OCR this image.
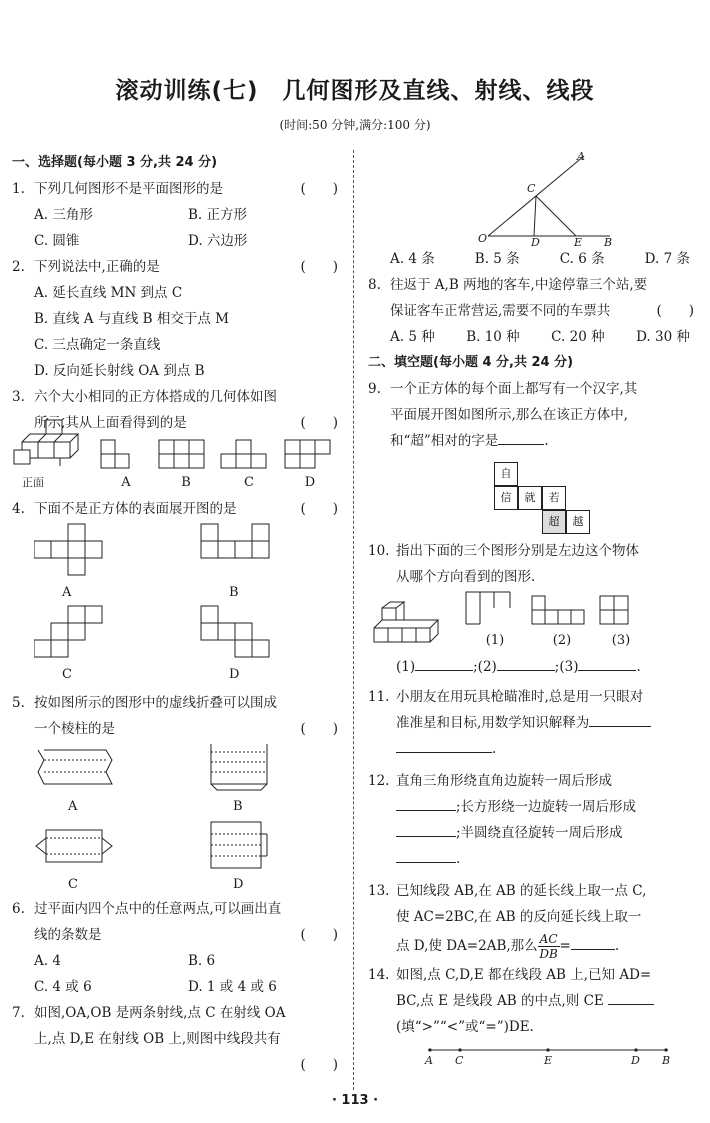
滚动训练(七)　几何图形及直线、射线、线段
(时间:50 分钟,满分:100 分)
一、选择题(每小题 3 分,共 24 分)
1. 下列几何图形不是平面图形的是	(　　)
A. 三角形	B. 正方形
C. 圆锥	D. 六边形
2. 下列说法中,正确的是	(　　)
A. 延长直线 MN 到点 C
B. 直线 A 与直线 B 相交于点 M
C. 三点确定一条直线
D. 反向延长射线 OA 到点 B
3. 六个大小相同的正方体搭成的几何体如图
所示,其从上面看得到的是	(　　)
正面	A	B	C	D
4. 下面不是正方体的表面展开图的是	(　　)
A	B
C	D
5. 按如图所示的图形中的虚线折叠可以围成
一个棱柱的是	(　　)
A	B
C	D
6. 过平面内四个点中的任意两点,可以画出直
线的条数是	(　　)
A. 4	B. 6
C. 4 或 6	D. 1 或 4 或 6
7. 如图,OA,OB 是两条射线,点 C 在射线 OA
上,点 D,E 在射线 OB 上,则图中线段共有
(　　)
A
C
O	D	E B
A. 4 条	B. 5 条	C. 6 条	D. 7 条
8. 往返于 A,B 两地的客车,中途停靠三个站,要
保证客车正常营运,需要不同的车票共	(　　)
A. 5 种 B. 10 种 C. 20 种 D. 30 种
二、填空题(每小题 4 分,共 24 分)
9. 一个正方体的每个面上都写有一个汉字,其
平面展开图如图所示,那么在该正方体中,
和“超”相对的字是	.
自
信	就	若
超	越
10. 指出下面的三个图形分别是左边这个物体
从哪个方向看到的图形.
(1)	(2)	(3)
(1)	;(2)	;(3)	.
11. 小朋友在用玩具枪瞄准时,总是用一只眼对
准准星和目标,用数学知识解释为
.
12. 直角三角形绕直角边旋转一周后形成
;长方形绕一边旋转一周后形成
;半圆绕直径旋转一周后形成
.
13. 已知线段 AB,在 AB 的延长线上取一点 C,
使 AC=2BC,在 AB 的反向延长线上取一
点 D,使 DA=2AB,那么 $\frac{AC}{DB}$ =	.
14. 如图,点 C,D,E 都在线段 AB 上,已知 AD=
BC,点 E 是线段 AB 的中点,则 CE
(填“>”“<”或“=”)DE.
A C	E	D B
· 113 ·
